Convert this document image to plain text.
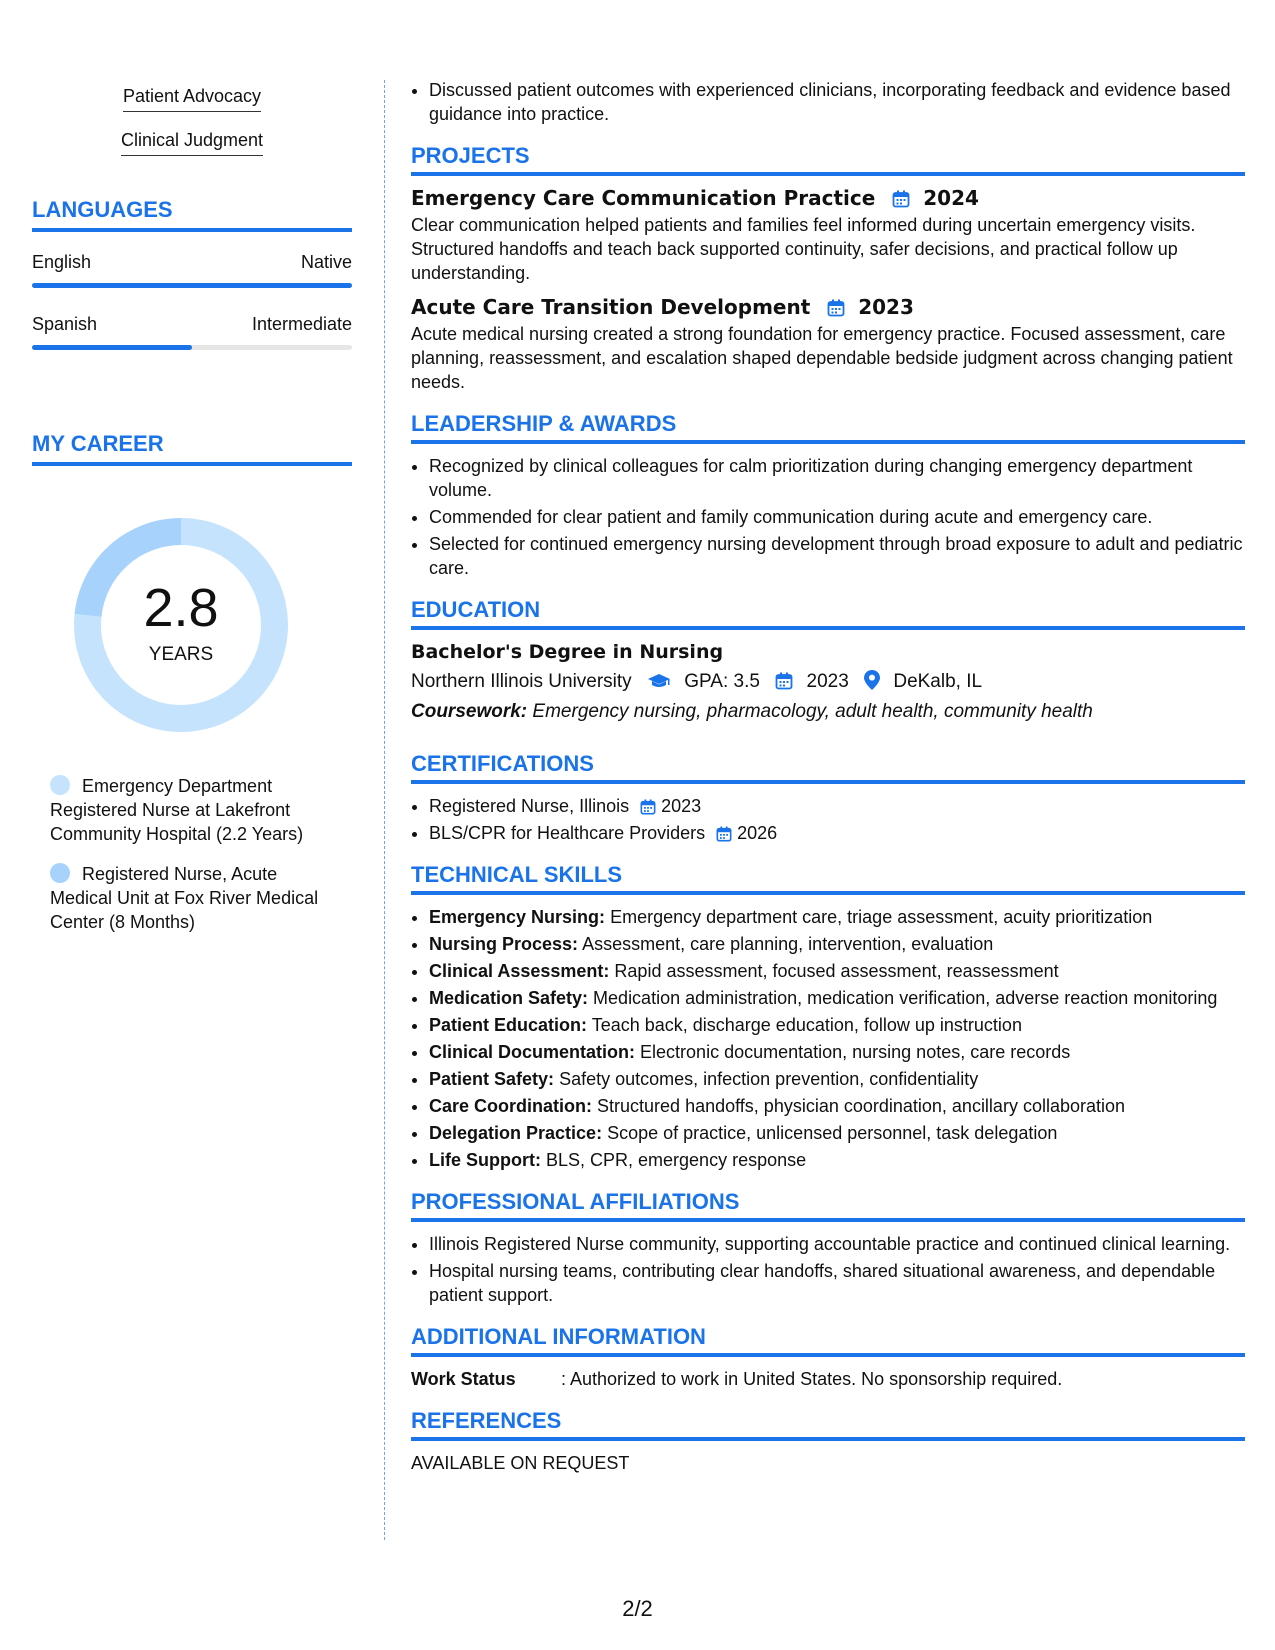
Patient Advocacy
Clinical Judgment
LANGUAGES
English	Native
Spanish	Intermediate
MY CAREER
2.8
YEARS
Emergency Department Registered Nurse at Lakefront Community Hospital (2.2 Years)
Registered Nurse, Acute Medical Unit at Fox River Medical Center (8 Months)
• Discussed patient outcomes with experienced clinicians, incorporating feedback and evidence based guidance into practice.
PROJECTS
Emergency Care Communication Practice 2024
Clear communication helped patients and families feel informed during uncertain emergency visits. Structured handoffs and teach back supported continuity, safer decisions, and practical follow up understanding.
Acute Care Transition Development 2023
Acute medical nursing created a strong foundation for emergency practice. Focused assessment, care planning, reassessment, and escalation shaped dependable bedside judgment across changing patient needs.
LEADERSHIP & AWARDS
• Recognized by clinical colleagues for calm prioritization during changing emergency department volume.
• Commended for clear patient and family communication during acute and emergency care.
• Selected for continued emergency nursing development through broad exposure to adult and pediatric care.
EDUCATION
Bachelor's Degree in Nursing
Northern Illinois University	GPA: 3.5 2023 DeKalb, IL
Coursework: Emergency nursing, pharmacology, adult health, community health
CERTIFICATIONS
• Registered Nurse, Illinois 2023
• BLS/CPR for Healthcare Providers 2026
TECHNICAL SKILLS
• Emergency Nursing: Emergency department care, triage assessment, acuity prioritization
• Nursing Process: Assessment, care planning, intervention, evaluation
• Clinical Assessment: Rapid assessment, focused assessment, reassessment
• Medication Safety: Medication administration, medication verification, adverse reaction monitoring
• Patient Education: Teach back, discharge education, follow up instruction
• Clinical Documentation: Electronic documentation, nursing notes, care records
• Patient Safety: Safety outcomes, infection prevention, confidentiality
• Care Coordination: Structured handoffs, physician coordination, ancillary collaboration
• Delegation Practice: Scope of practice, unlicensed personnel, task delegation
• Life Support: BLS, CPR, emergency response
PROFESSIONAL AFFILIATIONS
• Illinois Registered Nurse community, supporting accountable practice and continued clinical learning.
• Hospital nursing teams, contributing clear handoffs, shared situational awareness, and dependable patient support.
ADDITIONAL INFORMATION
Work Status	: Authorized to work in United States. No sponsorship required.
REFERENCES
AVAILABLE ON REQUEST
2/2
